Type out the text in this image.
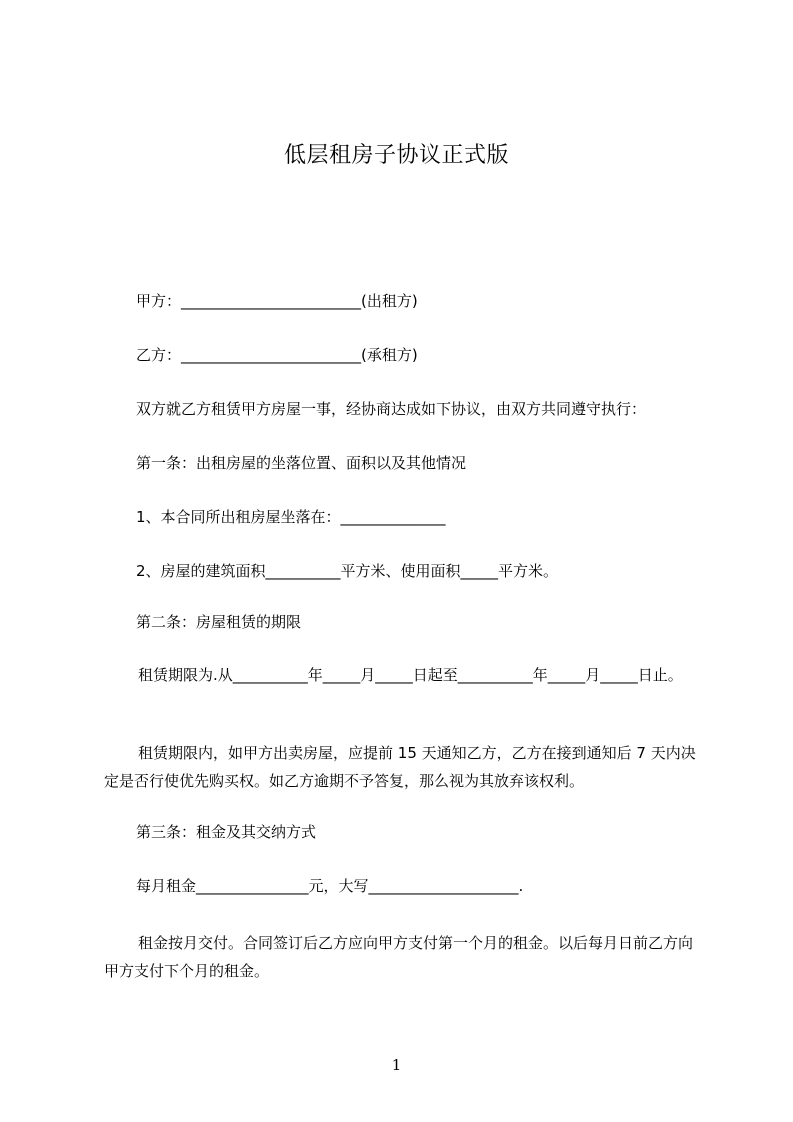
低层租房子协议正式版
甲方：________________________(出租方)
乙方：________________________(承租方)
双方就乙方租赁甲方房屋一事，经协商达成如下协议，由双方共同遵守执行：
第一条：出租房屋的坐落位置、面积以及其他情况
1、本合同所出租房屋坐落在：______________
2、房屋的建筑面积__________平方米、使用面积_____平方米。
第二条：房屋租赁的期限
租赁期限为.从__________年_____月_____日起至__________年_____月_____日止。
租赁期限内，如甲方出卖房屋，应提前 15 天通知乙方，乙方在接到通知后 7 天内决定是否行使优先购买权。如乙方逾期不予答复，那么视为其放弃该权利。
第三条：租金及其交纳方式
每月租金_______________元，大写____________________.
租金按月交付。合同签订后乙方应向甲方支付第一个月的租金。以后每月日前乙方向甲方支付下个月的租金。
1
